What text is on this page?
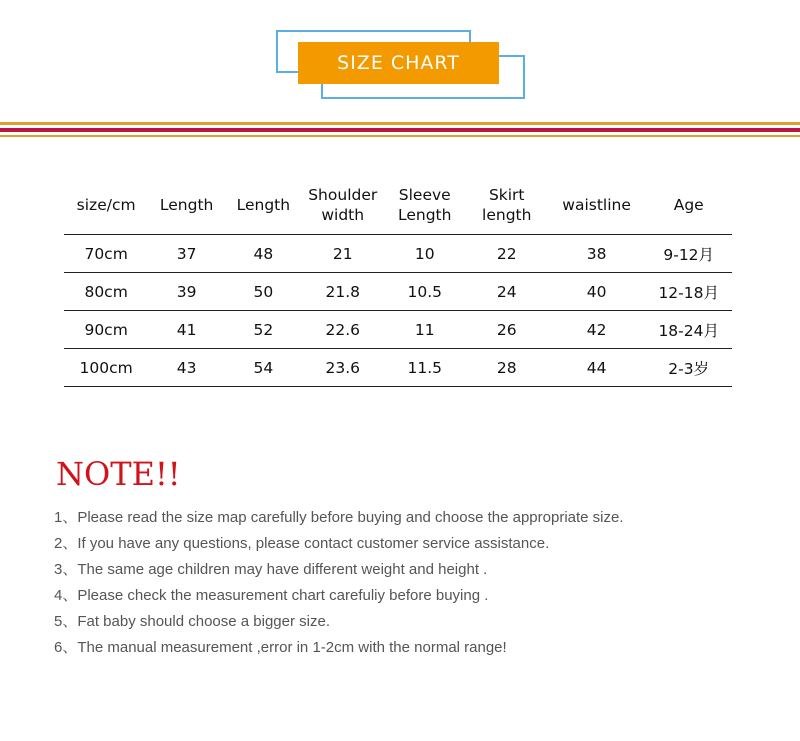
SIZE CHART
size/cm	Length	Length	Shoulder width	Sleeve Length	Skirt length	waistline	Age
70cm	37	48	21	10	22	38	9-12月
80cm	39	50	21.8	10.5	24	40	12-18月
90cm	41	52	22.6	11	26	42	18-24月
100cm	43	54	23.6	11.5	28	44	2-3岁
NOTE!!
1、Please read the size map carefully before buying and choose the appropriate size.
2、If you have any questions, please contact customer service assistance.
3、The same age children may have different weight and height .
4、Please check the measurement chart carefuliy before buying .
5、Fat baby should choose a bigger size.
6、The manual measurement ,error in 1-2cm with the normal range!
